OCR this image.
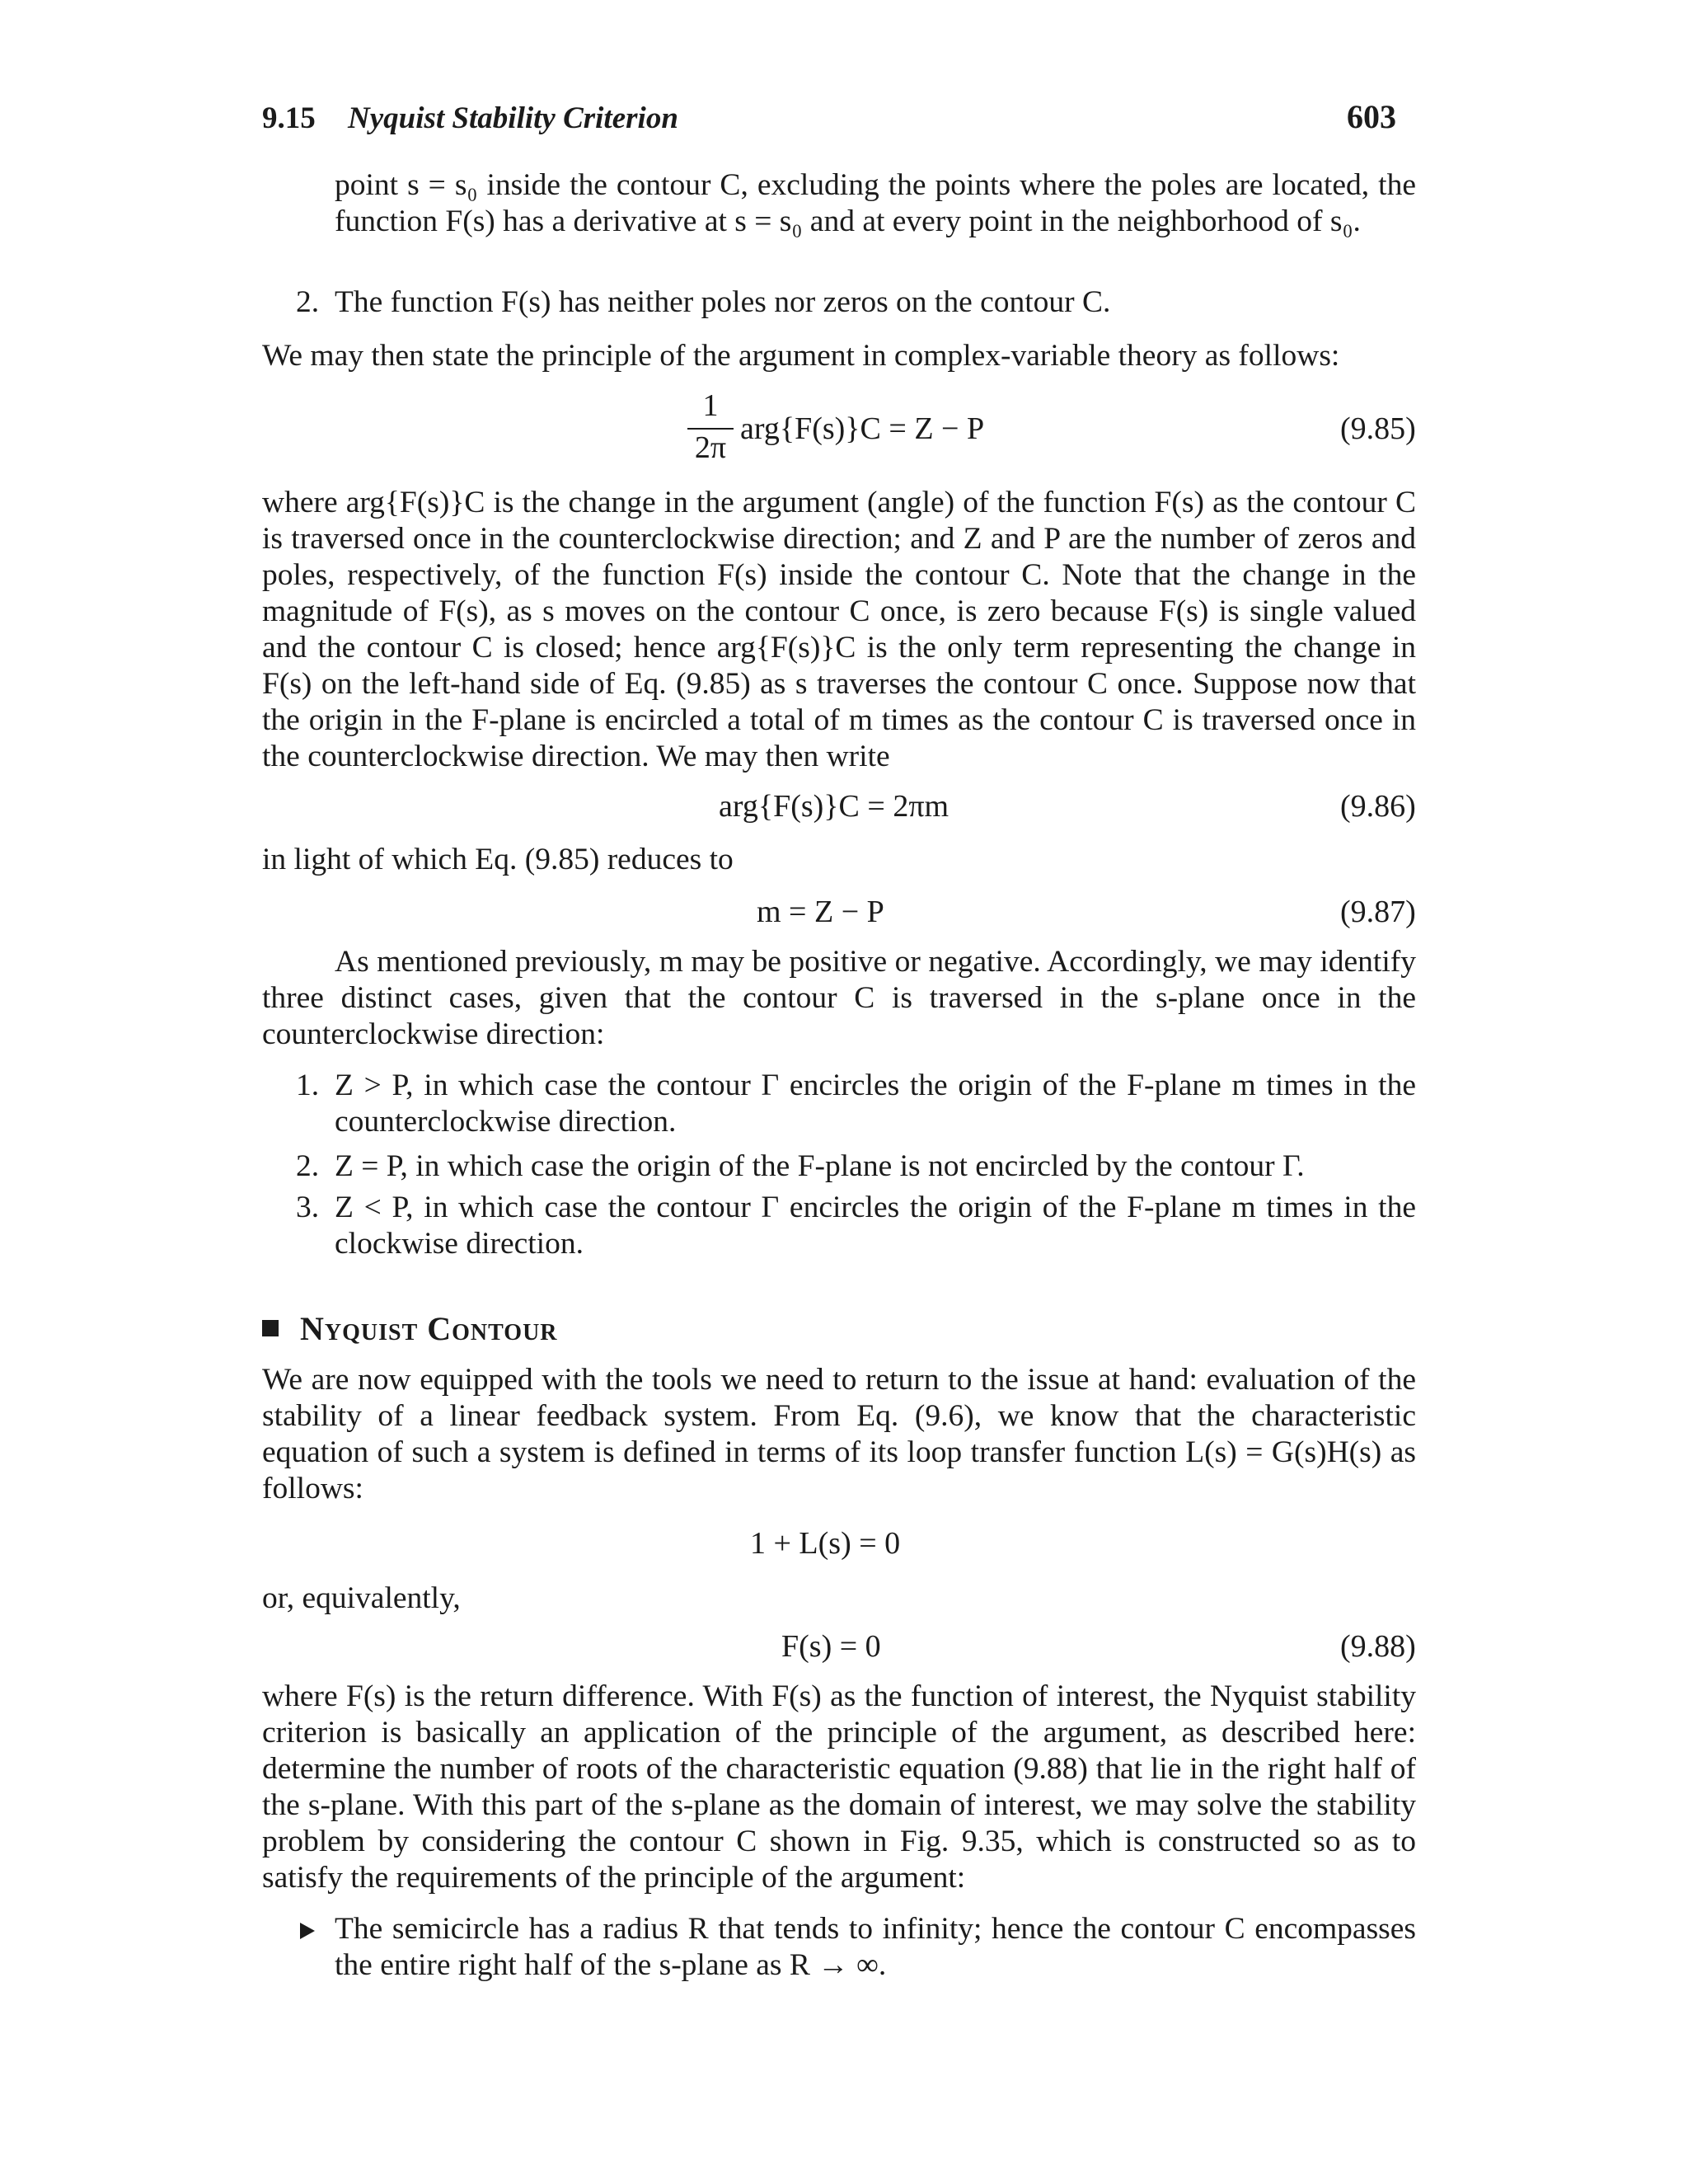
9.15 Nyquist Stability Criterion	603
point s = s₀ inside the contour C, excluding the points where the poles are located, the function F(s) has a derivative at s = s₀ and at every point in the neighborhood of s₀.
2. The function F(s) has neither poles nor zeros on the contour C.
We may then state the principle of the argument in complex-variable theory as follows:
1
2π
arg{F(s)}C = Z − P	(9.85)
where arg{F(s)}C is the change in the argument (angle) of the function F(s) as the contour C is traversed once in the counterclockwise direction; and Z and P are the number of zeros and poles, respectively, of the function F(s) inside the contour C. Note that the change in the magnitude of F(s), as s moves on the contour C once, is zero because F(s) is single valued and the contour C is closed; hence arg{F(s)}C is the only term representing the change in F(s) on the left-hand side of Eq. (9.85) as s traverses the contour C once. Suppose now that the origin in the F-plane is encircled a total of m times as the contour C is traversed once in the counterclockwise direction. We may then write
arg{F(s)}C = 2πm	(9.86)
in light of which Eq. (9.85) reduces to
m = Z − P	(9.87)
As mentioned previously, m may be positive or negative. Accordingly, we may identify three distinct cases, given that the contour C is traversed in the s-plane once in the counterclockwise direction:
1. Z > P, in which case the contour Γ encircles the origin of the F-plane m times in the counterclockwise direction.
2. Z = P, in which case the origin of the F-plane is not encircled by the contour Γ.
3. Z < P, in which case the contour Γ encircles the origin of the F-plane m times in the clockwise direction.
Nyquist Contour
We are now equipped with the tools we need to return to the issue at hand: evaluation of the stability of a linear feedback system. From Eq. (9.6), we know that the characteristic equation of such a system is defined in terms of its loop transfer function L(s) = G(s)H(s) as follows:
1 + L(s) = 0
or, equivalently,
F(s) = 0	(9.88)
where F(s) is the return difference. With F(s) as the function of interest, the Nyquist stability criterion is basically an application of the principle of the argument, as described here: determine the number of roots of the characteristic equation (9.88) that lie in the right half of the s-plane. With this part of the s-plane as the domain of interest, we may solve the stability problem by considering the contour C shown in Fig. 9.35, which is constructed so as to satisfy the requirements of the principle of the argument:
The semicircle has a radius R that tends to infinity; hence the contour C encompasses the entire right half of the s-plane as R → ∞.
